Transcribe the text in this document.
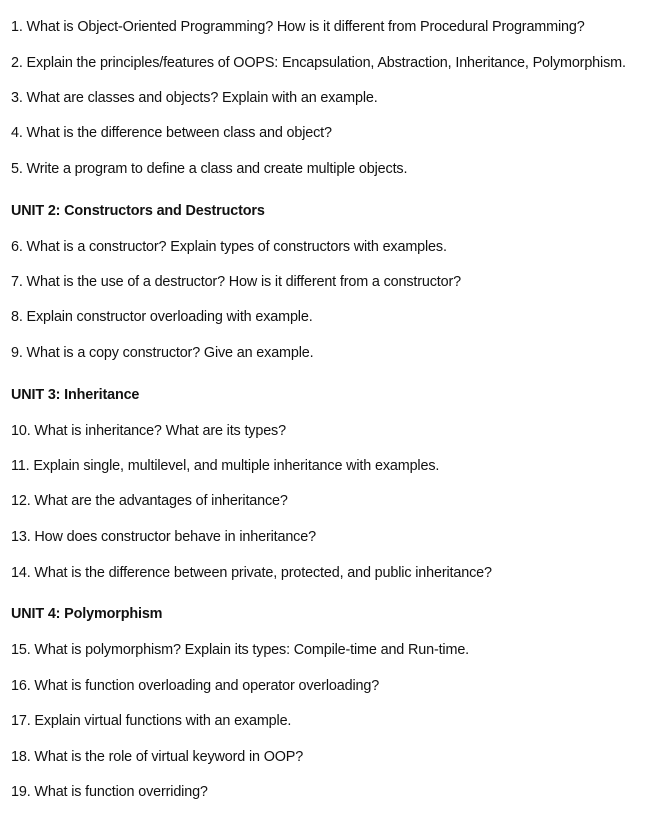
1. What is Object-Oriented Programming? How is it different from Procedural Programming?
2. Explain the principles/features of OOPS: Encapsulation, Abstraction, Inheritance, Polymorphism.
3. What are classes and objects? Explain with an example.
4. What is the difference between class and object?
5. Write a program to define a class and create multiple objects.
UNIT 2: Constructors and Destructors
6. What is a constructor? Explain types of constructors with examples.
7. What is the use of a destructor? How is it different from a constructor?
8. Explain constructor overloading with example.
9. What is a copy constructor? Give an example.
UNIT 3: Inheritance
10. What is inheritance? What are its types?
11. Explain single, multilevel, and multiple inheritance with examples.
12. What are the advantages of inheritance?
13. How does constructor behave in inheritance?
14. What is the difference between private, protected, and public inheritance?
UNIT 4: Polymorphism
15. What is polymorphism? Explain its types: Compile-time and Run-time.
16. What is function overloading and operator overloading?
17. Explain virtual functions with an example.
18. What is the role of virtual keyword in OOP?
19. What is function overriding?
